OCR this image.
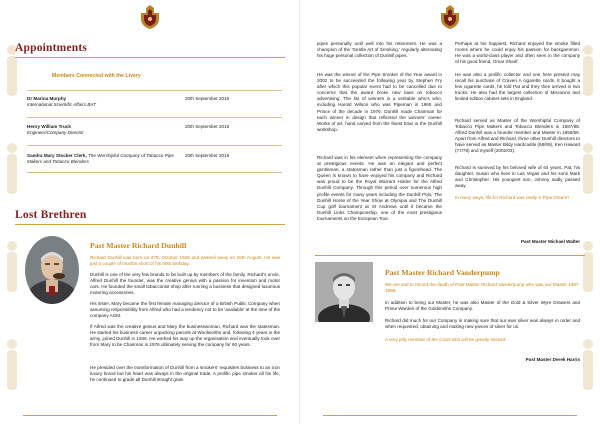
Appointments
Members Connected with the Livery
Dr Marina Murphy
International Scientific Affairs BAT
20th September 2016
Henry William Truck
Engineer/Company Director
20th September 2016
Sandra Mary Stocker Clerk, The Worshipful Company of Tobacco Pipe Makers and Tobacco Blenders
20th September 2016
Lost Brethren
Past Master Richard Dunhill
Richard Dunhill was born on 27th October 1926 and passed away on 26th August. He was just a couple of months short of his 90th birthday.
Dunhill is one of the very few brands to be built up by members of the family. Richard's uncle, Alfred Dunhill the founder, was the creative genius with a passion for invention and motor cars. He founded the small tobacconist shop after running a business that designed luxurious motoring accessories.
His sister, Mary became the first female managing director of a British Public Company when assuming responsibility from Alfred who had a tendency not to be 'available' at the time of the company AGM.
If Alfred was the creative genius and Mary the businesswoman, Richard was the statesman. He started his business career unpacking parcels at Woolworths and, following 4 years in the army, joined Dunhill in 1948. He worked his way up the organisation and eventually took over from Mary to be Chairman in 1976 ultimately serving the company for 60 years.
He presided over the transformation of Dunhill from a smokers' requisites business to an icon luxury brand but his heart was always in the original trade. A prolific pipe smoker all his life, he continued to grade all Dunhill straight grain
pipes personally until well into his retirement. He was a champion of the 'Gentle Art of Smoking,' regularly alternating his huge personal collection of Dunhill pipes.
He was the winner of the Pipe Smoker of the Year award in 2002 to be succeeded the following year by Stephen Fry after which this popular event had to be cancelled due to concerns that the award broke new laws on tobacco advertising. The list of winners is a veritable who's who, including Harold Wilson who was Pipeman in 1966 and Prince of the decade in 1976. Dunhill made Chairman for each winner in design that reflected the winners' career. Works of art, hand carved from the finest briar in the Dunhill workshop.
Richard was in his element when representing the company at prestigious events. He was an elegant and perfect gentleman, a statesman rather than just a figurehead. The Queen is known to have enjoyed his company and Richard was proud to be the Royal Warrant Holder for the Alfred Dunhill Company. Through this period over numerous high profile events for many years including the Dunhill Polo, The Dunhill Horse of the Year Show at Olympia and The Dunhill Cup golf tournament at St Andrews until it became the Dunhill Links Championship, one of the most prestigious tournaments on the European Tour.
Perhaps at his happiest, Richard enjoyed the smoke filled rooms where he could enjoy his passion for backgammon. He was a world-class player and often seen in the company of his good friend, Omar Sharif.
He was also a prolific collector and one here present may recall his purchase of Craven A cigarette cards. It bought a few cigarette cards, he told Pat and they then arrived in two trucks. He also had the largest collection of Miscanno and limited edition cabinet sets in England.
Richard served as Master of the Worshipful Company of Tobacco Pipe Makers and Tobacco Blenders in 1987/88. Alfred Dunhill was a founder member and Master in 1955/56. Apart from Alfred and Richard, three other Dunhill directors to have served as Master Bildy Hardcastle (68/69), Ken Haward (77/78) and myself (2002/03).
Richard is survived by his beloved wife of 64 years, Pat, his daughter, Susan who lives in Las Vegas and his sons Mark and Christopher. His youngest son, Johnny sadly passed away.
In many ways, life for Richard was really a 'Pipe Dream'!
Past Master Michael Walter
Past Master Richard Vanderpump
We are sad to record the death of Past Master Richard Vanderpump who was our Master 1997-1998.
In addition to being our Master, he was also Master of the Gold & Silver Wyre Drawers and Prime Warden of the Goldsmiths Company.
Richard did much for our Company in making sure that our own silver was always in order and when requested, obtaining and making new pieces of silver for us.
A very jolly member of the Court who will be greatly missed.
Past Master Derek Harris
